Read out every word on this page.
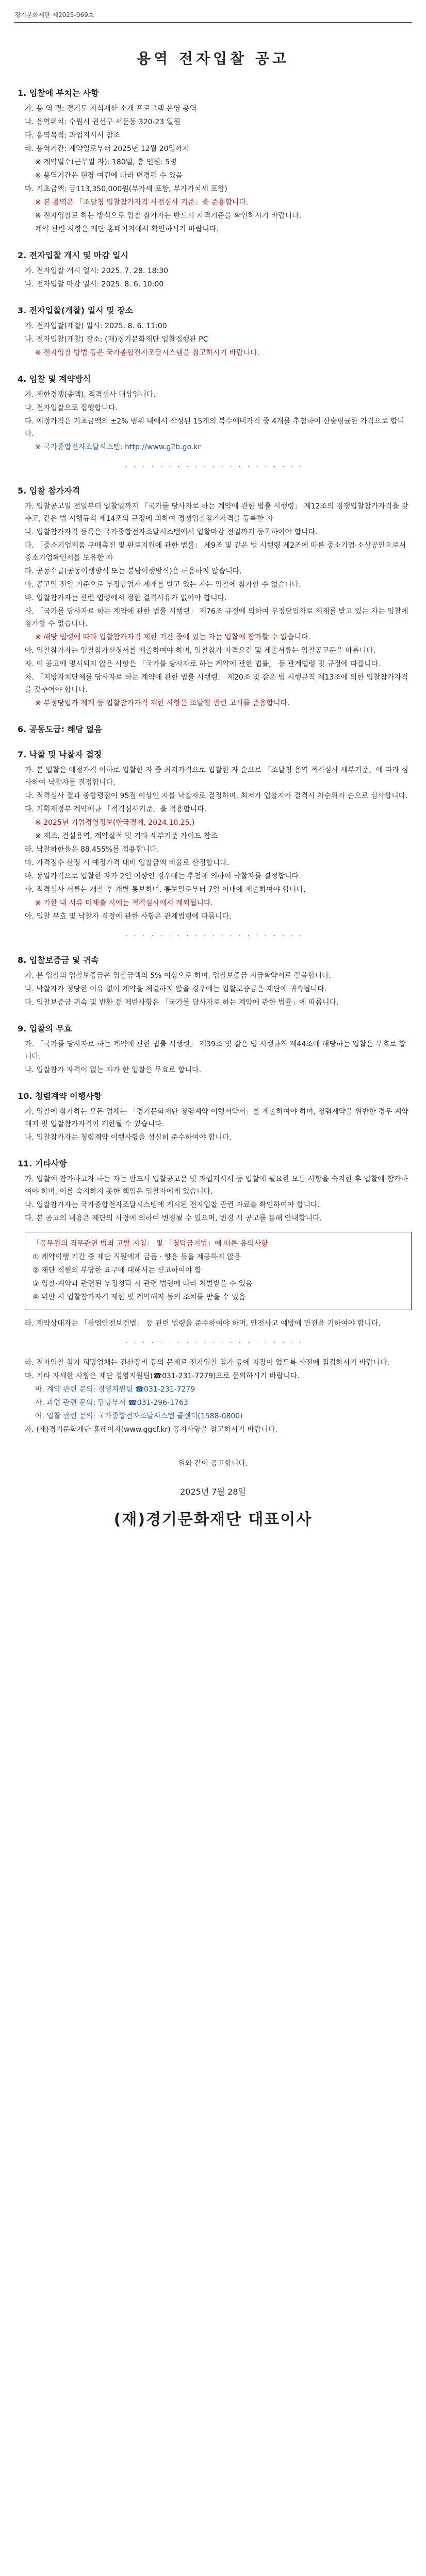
경기문화재단 제2025-069호
용역 전자입찰 공고
1. 입찰에 부치는 사항
가. 용 역 명: 경기도 지식재산 소개 프로그램 운영 용역
나. 용역위치: 수원시 권선구 서둔동 320-23 일원
다. 용역목적: 과업지시서 참조
라. 용역기간: 계약일로부터 2025년 12월 20일까지
※ 계약일수(근무일 자): 180일, 총 인원: 5명
※ 용역기간은 현장 여건에 따라 변경될 수 있음
마. 기초금액: 금113,350,000원(부가세 포함, 부가가치세 포함)
※ 본 용역은 「조달청 입찰참가자격 사전심사 기준」을 준용합니다.
※ 전자입찰로 하는 방식으로 입찰 참가자는 반드시 자격기준을 확인하시기 바랍니다.
계약 관련 사항은 재단 홈페이지에서 확인하시기 바랍니다.
2. 전자입찰 개시 및 마감 일시
가. 전자입찰 개시 일시: 2025. 7. 28. 18:30
나. 전자입찰 마감 일시: 2025. 8. 6. 10:00
3. 전자입찰(개찰) 일시 및 장소
가. 전자입찰(개찰) 일시: 2025. 8. 6. 11:00
나. 전자입찰(개찰) 장소: (재)경기문화재단 입찰집행관 PC
※ 전자입찰 방법 등은 국가종합전자조달시스템을 참고하시기 바랍니다.
4. 입찰 및 계약방식
가. 제한경쟁(총액), 적격심사 대상입니다.
나. 전자입찰으로 집행합니다.
다. 예정가격은 기초금액의 ±2% 범위 내에서 작성된 15개의 복수예비가격 중 4개를 추첨하여 산술평균한 가격으로 합니다.
※ 국가종합전자조달시스템: http://www.g2b.go.kr
· · · · · · · · · · · · · · · · · · · · ·
5. 입찰 참가자격
가. 입찰공고일 전일부터 입찰일까지 「국가를 당사자로 하는 계약에 관한 법률 시행령」 제12조의 경쟁입찰참가자격을 갖추고, 같은 법 시행규칙 제14조의 규정에 의하여 경쟁입찰참가자격을 등록한 자
나. 입찰참가자격 등록은 국가종합전자조달시스템에서 입찰마감 전일까지 등록하여야 합니다.
다. 「중소기업제품 구매촉진 및 판로지원에 관한 법률」 제9조 및 같은 법 시행령 제2조에 따른 중소기업·소상공인으로서 중소기업확인서를 보유한 자
라. 공동수급(공동이행방식 또는 분담이행방식)은 허용하지 않습니다.
마. 공고일 전일 기준으로 부정당업자 제재를 받고 있는 자는 입찰에 참가할 수 없습니다.
바. 입찰참가자는 관련 법령에서 정한 결격사유가 없어야 합니다.
사. 「국가를 당사자로 하는 계약에 관한 법률 시행령」 제76조 규정에 의하여 부정당업자로 제재를 받고 있는 자는 입찰에 참가할 수 없습니다.
※ 해당 법령에 따라 입찰참가자격 제한 기간 중에 있는 자는 입찰에 참가할 수 없습니다.
아. 입찰참가자는 입찰참가신청서를 제출하여야 하며, 입찰참가 자격요건 및 제출서류는 입찰공고문을 따릅니다.
자. 이 공고에 명시되지 않은 사항은 「국가를 당사자로 하는 계약에 관한 법률」 등 관계법령 및 규정에 따릅니다.
차. 「지방자치단체를 당사자로 하는 계약에 관한 법률 시행령」 제20조 및 같은 법 시행규칙 제13조에 의한 입찰참가자격을 갖추어야 합니다.
※ 부정당업자 제재 등 입찰참가자격 제한 사항은 조달청 관련 고시를 준용합니다.
6. 공동도급: 해당 없음
7. 낙찰 및 낙찰자 결정
가. 본 입찰은 예정가격 이하로 입찰한 자 중 최저가격으로 입찰한 자 순으로 「조달청 용역 적격심사 세부기준」에 따라 심사하여 낙찰자를 결정합니다.
나. 적격심사 결과 종합평점이 95점 이상인 자를 낙찰자로 결정하며, 최저가 입찰자가 결격시 차순위자 순으로 심사합니다.
다. 기획재정부 계약예규 「적격심사기준」을 적용합니다.
※ 2025년 기업경영정보(한국경제, 2024.10.25.)
※ 제조, 건설용역, 계약실적 및 기타 세부기준 가이드 참조
라. 낙찰하한율은 88.455%를 적용합니다.
마. 가격점수 산정 시 예정가격 대비 입찰금액 비율로 산정합니다.
바. 동일가격으로 입찰한 자가 2인 이상인 경우에는 추첨에 의하여 낙찰자를 결정합니다.
사. 적격심사 서류는 개찰 후 개별 통보하며, 통보일로부터 7일 이내에 제출하여야 합니다.
※ 기한 내 서류 미제출 시에는 적격심사에서 제외됩니다.
아. 입찰 무효 및 낙찰자 결정에 관한 사항은 관계법령에 따릅니다.
· · · · · · · · · · · · · · · · · · · · ·
8. 입찰보증금 및 귀속
가. 본 입찰의 입찰보증금은 입찰금액의 5% 이상으로 하며, 입찰보증금 지급확약서로 갈음합니다.
나. 낙찰자가 정당한 이유 없이 계약을 체결하지 않을 경우에는 입찰보증금은 재단에 귀속됩니다.
다. 입찰보증금 귀속 및 반환 등 제반사항은 「국가를 당사자로 하는 계약에 관한 법률」에 따릅니다.
9. 입찰의 무효
가. 「국가를 당사자로 하는 계약에 관한 법률 시행령」 제39조 및 같은 법 시행규칙 제44조에 해당하는 입찰은 무효로 합니다.
나. 입찰참가 자격이 없는 자가 한 입찰은 무효로 합니다.
10. 청렴계약 이행사항
가. 입찰에 참가하는 모든 업체는 「경기문화재단 청렴계약 이행서약서」를 제출하여야 하며, 청렴계약을 위반한 경우 계약해지 및 입찰참가자격이 제한될 수 있습니다.
나. 입찰참가자는 청렴계약 이행사항을 성실히 준수하여야 합니다.
11. 기타사항
가. 입찰에 참가하고자 하는 자는 반드시 입찰공고문 및 과업지시서 등 입찰에 필요한 모든 사항을 숙지한 후 입찰에 참가하여야 하며, 이를 숙지하지 못한 책임은 입찰자에게 있습니다.
나. 입찰참가자는 국가종합전자조달시스템에 게시된 전자입찰 관련 자료를 확인하여야 합니다.
다. 본 공고의 내용은 재단의 사정에 의하여 변경될 수 있으며, 변경 시 공고를 통해 안내합니다.
「공무원의 직무관련 범죄 고발 지침」 및 「청탁금지법」에 따른 유의사항
① 계약이행 기간 중 재단 직원에게 금품 · 향응 등을 제공하지 않음
② 재단 직원의 부당한 요구에 대해서는 신고하여야 함
③ 입찰·계약과 관련된 부정청탁 시 관련 법령에 따라 처벌받을 수 있음
④ 위반 시 입찰참가자격 제한 및 계약해지 등의 조치를 받을 수 있음
라. 계약상대자는 「산업안전보건법」 등 관련 법령을 준수하여야 하며, 안전사고 예방에 만전을 기하여야 합니다.
· · · · · · · · · · · · · · · · · · · · ·
라. 전자입찰 참가 희망업체는 전산장비 등의 문제로 전자입찰 참가 등에 지장이 없도록 사전에 점검하시기 바랍니다.
마. 기타 자세한 사항은 재단 경영지원팀(☎031-231-7279)으로 문의하시기 바랍니다.
바. 계약 관련 문의: 경영지원팀 ☎031-231-7279
사. 과업 관련 문의: 담당부서 ☎031-296-1763
아. 입찰 관련 문의: 국가종합전자조달시스템 콜센터(1588-0800)
자. (재)경기문화재단 홈페이지(www.ggcf.kr) 공지사항을 참고하시기 바랍니다.
위와 같이 공고합니다.
2025년 7월 28일
(재)경기문화재단 대표이사
